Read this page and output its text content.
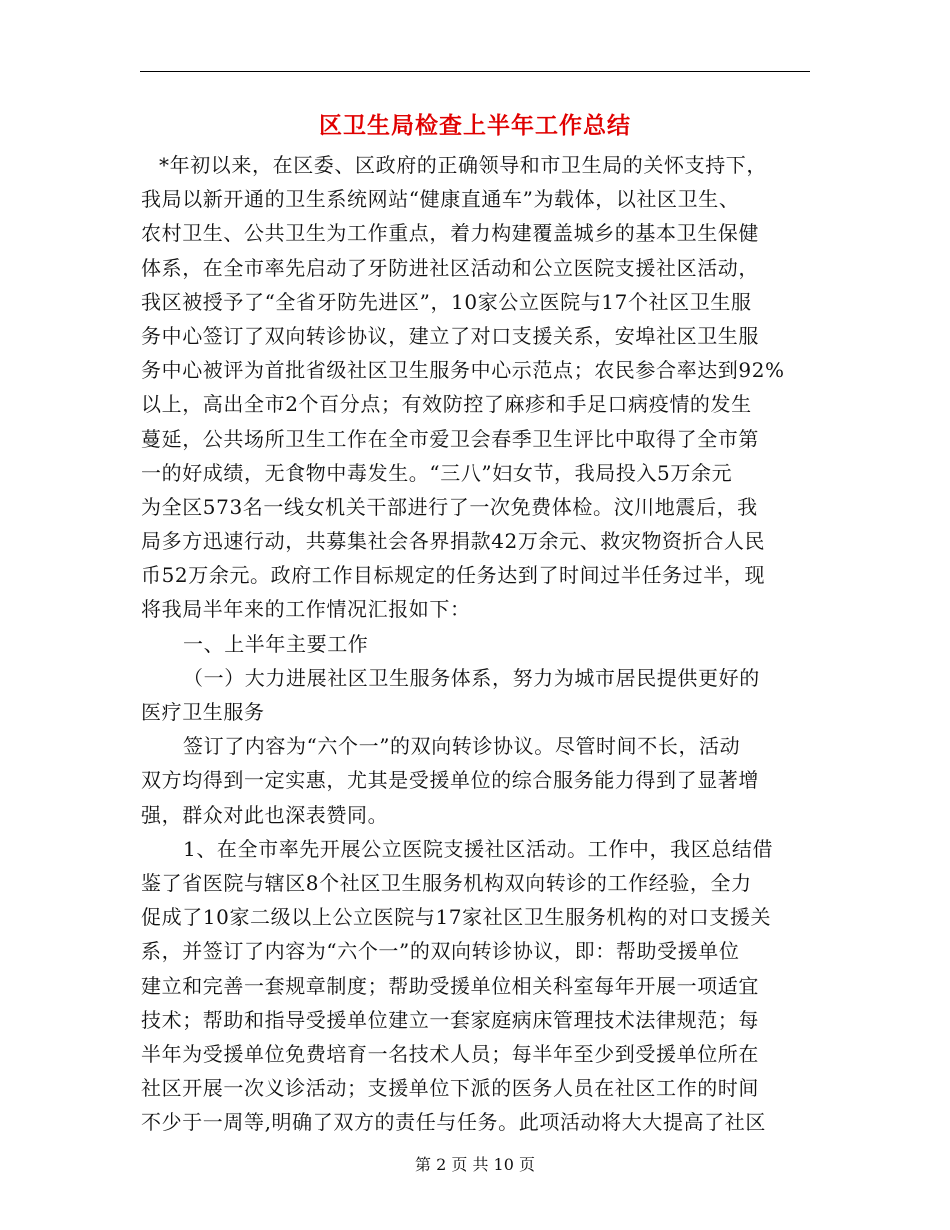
区卫生局检查上半年工作总结
*年初以来，在区委、区政府的正确领导和市卫生局的关怀支持下，
我局以新开通的卫生系统网站“健康直通车”为载体，以社区卫生、
农村卫生、公共卫生为工作重点，着力构建覆盖城乡的基本卫生保健
体系，在全市率先启动了牙防进社区活动和公立医院支援社区活动，
我区被授予了“全省牙防先进区”，10家公立医院与17个社区卫生服
务中心签订了双向转诊协议，建立了对口支援关系，安埠社区卫生服
务中心被评为首批省级社区卫生服务中心示范点；农民参合率达到92%
以上，高出全市2个百分点；有效防控了麻疹和手足口病疫情的发生
蔓延，公共场所卫生工作在全市爱卫会春季卫生评比中取得了全市第
一的好成绩，无食物中毒发生。“三八”妇女节，我局投入5万余元
为全区573名一线女机关干部进行了一次免费体检。汶川地震后，我
局多方迅速行动，共募集社会各界捐款42万余元、救灾物资折合人民
币52万余元。政府工作目标规定的任务达到了时间过半任务过半，现
将我局半年来的工作情况汇报如下：
一、上半年主要工作
（一）大力进展社区卫生服务体系，努力为城市居民提供更好的
医疗卫生服务
签订了内容为“六个一”的双向转诊协议。尽管时间不长，活动
双方均得到一定实惠，尤其是受援单位的综合服务能力得到了显著增
强，群众对此也深表赞同。
1、在全市率先开展公立医院支援社区活动。工作中，我区总结借
鉴了省医院与辖区8个社区卫生服务机构双向转诊的工作经验，全力
促成了10家二级以上公立医院与17家社区卫生服务机构的对口支援关
系，并签订了内容为“六个一”的双向转诊协议，即：帮助受援单位
建立和完善一套规章制度；帮助受援单位相关科室每年开展一项适宜
技术；帮助和指导受援单位建立一套家庭病床管理技术法律规范；每
半年为受援单位免费培育一名技术人员；每半年至少到受援单位所在
社区开展一次义诊活动；支援单位下派的医务人员在社区工作的时间
不少于一周等,明确了双方的责任与任务。此项活动将大大提高了社区
第 2 页 共 10 页
